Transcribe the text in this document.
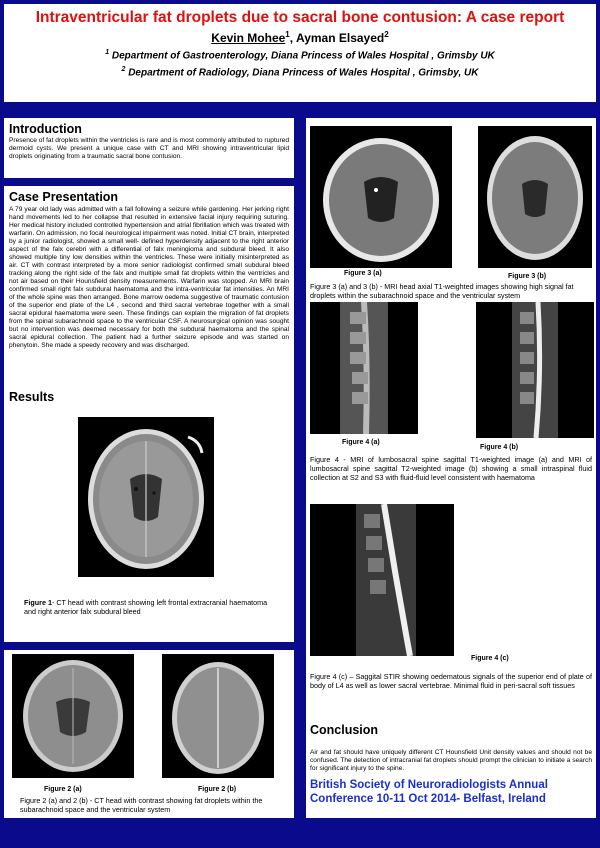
Intraventricular fat droplets due to sacral bone contusion: A case report
Kevin Mohee$^1$, Ayman Elsayed$^2$
$^1$ Department of Gastroenterology, Diana Princess of Wales Hospital , Grimsby UK
$^2$ Department of Radiology, Diana Princess of Wales Hospital , Grimsby, UK
Introduction

Presence of fat droplets within the ventricles is rare and is most commonly attributed to ruptured dermoid cysts. We present a unique case with CT and MRI showing intraventricular lipid droplets originating from a traumatic sacral bone contusion.

Case Presentation

A 79 year old lady was admitted with a fall following a seizure while gardening. Her jerking right hand movements led to her collapse that resulted in extensive facial injury requiring suturing. Her medical history included controlled hypertension and atrial fibrillation which was treated with warfarin. On admission, no focal neurological impairment was noted. Initial CT brain, interpreted by a junior radiologist, showed a small well- defined hyperdensity adjacent to the right anterior aspect of the falx cerebri with a differential of falx meningioma and subdural bleed. It also showed multiple tiny low densities within the ventricles. These were initially misinterpreted as air. CT with contrast interpreted by a more senior radiologist confirmed small subdural bleed tracking along the right side of the falx and multiple small fat droplets within the ventricles and not air based on their Hounsfield density measurements. Warfarin was stopped. An MRI brain confirmed small right falx subdural haematoma and the intra-ventricular fat intensities. An MRI of the whole spine was then arranged. Bone marrow oedema suggestive of traumatic contusion of the superior end plate of the L4 , second and third sacral vertebrae together with a small sacral epidural haematoma were seen. These findings can explain the migration of fat droplets from the spinal subarachnoid space to the ventricular CSF. A neurosurgical opinion was sought but no intervention was deemed necessary for both the subdural haematoma and the spinal sacral epidural collection. The patient had a further seizure episode and was started on phenytoin. She made a speedy recovery and was discharged.

Results

Figure 1- CT head with contrast showing left frontal extracranial haematoma and right anterior falx subdural bleed

Figure 2 (a)	Figure 2 (b)

Figure 2 (a) and 2 (b) - CT head with contrast showing fat droplets within the subarachnoid space and the ventricular system

Figure 3 (a)	Figure 3 (b)

Figure 3 (a) and 3 (b) - MRI head axial T1-weighted images showing high signal fat droplets within the subarachnoid space and the ventricular system

Figure 4 (a)
Figure 4 (b)

Figure 4 - MRI of lumbosacral spine sagittal T1-weighted image (a) and MRI of lumbosacral spine sagittal T2-weighted image (b) showing a small intraspinal fluid collection at S2 and S3 with fluid-fluid level consistent with haematoma

Figure 4 (c)

Figure 4 (c) – Saggital STIR showing oedematous signals of the superior end of plate of body of L4 as well as lower sacral vertebrae. Minimal fluid in peri-sacral soft tissues

Conclusion

Air and fat should have uniquely different CT Hounsfield Unit density values and should not be confused. The detection of intracranial fat droplets should prompt the clinician to initiate a search for significant injury to the spine.

British Society of Neuroradiologists Annual Conference 10-11 Oct 2014- Belfast, Ireland
